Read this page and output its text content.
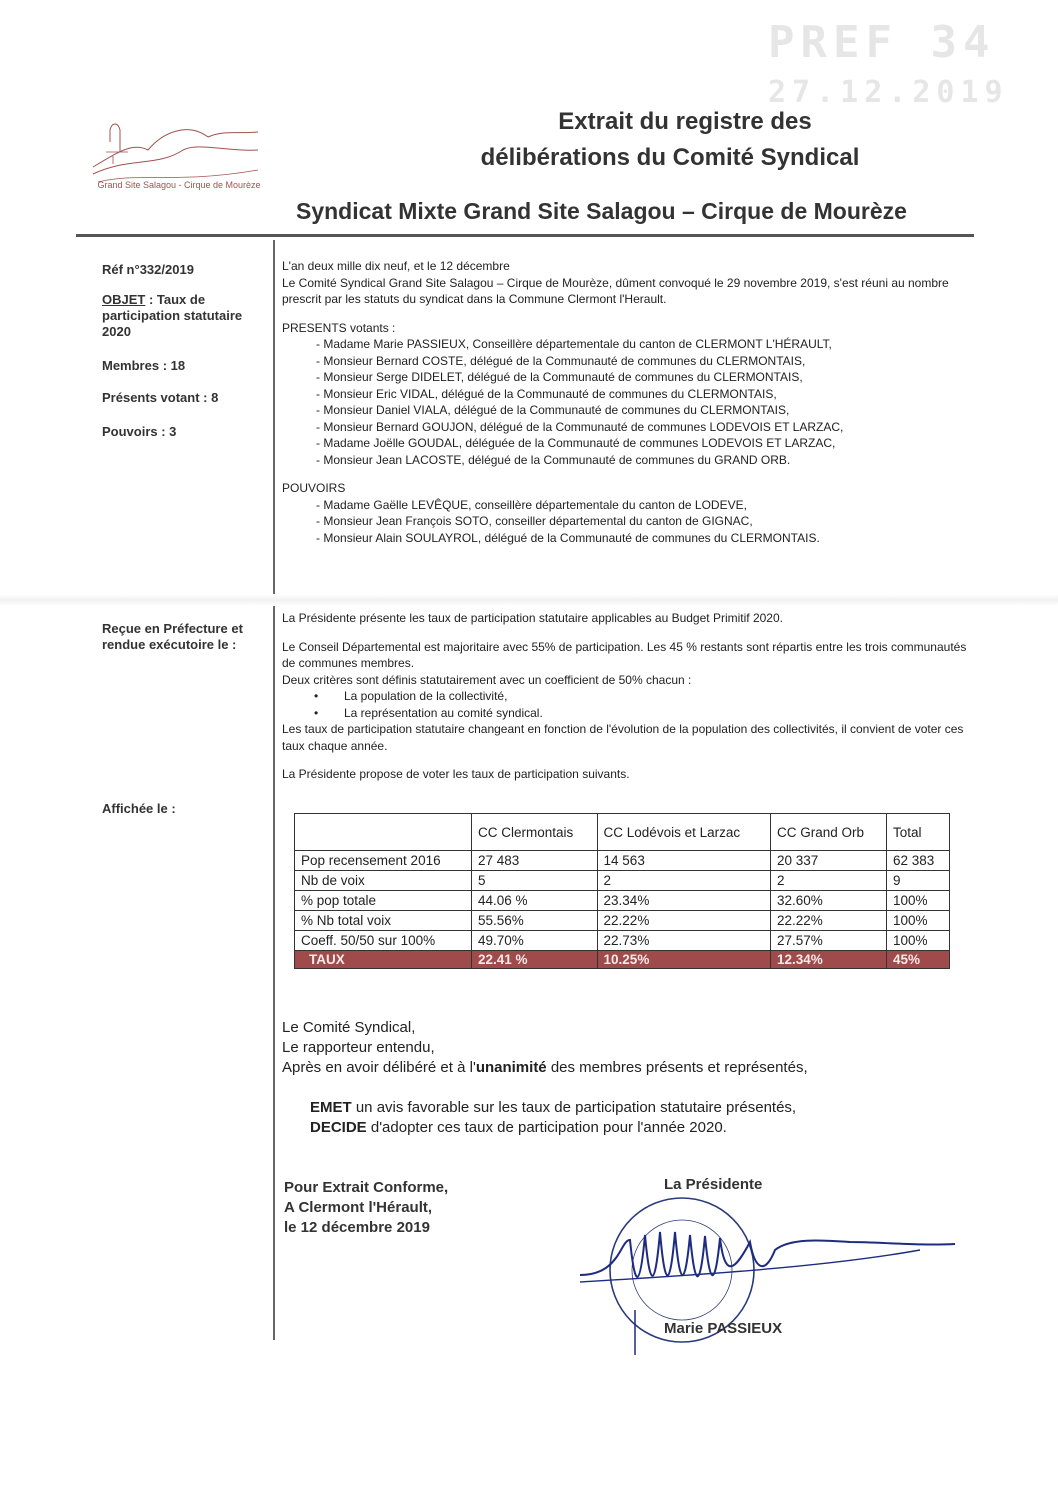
PREF 34
27.12.2019
Grand Site Salagou - Cirque de Mourèze
Extrait du registre des
délibérations du Comité Syndical
Syndicat Mixte Grand Site Salagou – Cirque de Mourèze
Réf n°332/2019
OBJET : Taux de participation statutaire 2020
Membres : 18
Présents votant : 8
Pouvoirs : 3
Reçue en Préfecture et rendue exécutoire le :
Affichée le :

L'an deux mille dix neuf, et le 12 décembre

Le Comité Syndical Grand Site Salagou – Cirque de Mourèze, dûment convoqué le 29 novembre 2019, s'est réuni au nombre prescrit par les statuts du syndicat dans la Commune Clermont l'Herault.

PRESENTS votants :

- Madame Marie PASSIEUX, Conseillère départementale du canton de CLERMONT L'HÉRAULT,
- Monsieur Bernard COSTE, délégué de la Communauté de communes du CLERMONTAIS,
- Monsieur Serge DIDELET, délégué de la Communauté de communes du CLERMONTAIS,
- Monsieur Eric VIDAL, délégué de la Communauté de communes du CLERMONTAIS,
- Monsieur Daniel VIALA, délégué de la Communauté de communes du CLERMONTAIS,
- Monsieur Bernard GOUJON, délégué de la Communauté de communes LODEVOIS ET LARZAC,
- Madame Joëlle GOUDAL, déléguée de la Communauté de communes LODEVOIS ET LARZAC,
- Monsieur Jean LACOSTE, délégué de la Communauté de communes du GRAND ORB.

POUVOIRS

- Madame Gaëlle LEVÊQUE, conseillère départementale du canton de LODEVE,
- Monsieur Jean François SOTO, conseiller départemental du canton de GIGNAC,
- Monsieur Alain SOULAYROL, délégué de la Communauté de communes du CLERMONTAIS.

La Présidente présente les taux de participation statutaire applicables au Budget Primitif 2020.

Le Conseil Départemental est majoritaire avec 55% de participation. Les 45 % restants sont répartis entre les trois communautés de communes membres.

Deux critères sont définis statutairement avec un coefficient de 50% chacun :

• La population de la collectivité,
• La représentation au comité syndical.

Les taux de participation statutaire changeant en fonction de l'évolution de la population des collectivités, il convient de voter ces taux chaque année.

La Présidente propose de voter les taux de participation suivants.

	CC Clermontais	CC Lodévois et Larzac	CC Grand Orb	Total
Pop recensement 2016	27 483	14 563	20 337	62 383
Nb de voix	5	2	2	9
% pop totale	44.06 %	23.34%	32.60%	100%
% Nb total voix	55.56%	22.22%	22.22%	100%
Coeff. 50/50 sur 100%	49.70%	22.73%	27.57%	100%
TAUX	22.41 %	10.25%	12.34%	45%

Le Comité Syndical,

Le rapporteur entendu,

Après en avoir délibéré et à l'unanimité des membres présents et représentés,

EMET un avis favorable sur les taux de participation statutaire présentés,

DECIDE d'adopter ces taux de participation pour l'année 2020.

Pour Extrait Conforme,
A Clermont l'Hérault,
le 12 décembre 2019
La Présidente
Marie PASSIEUX
